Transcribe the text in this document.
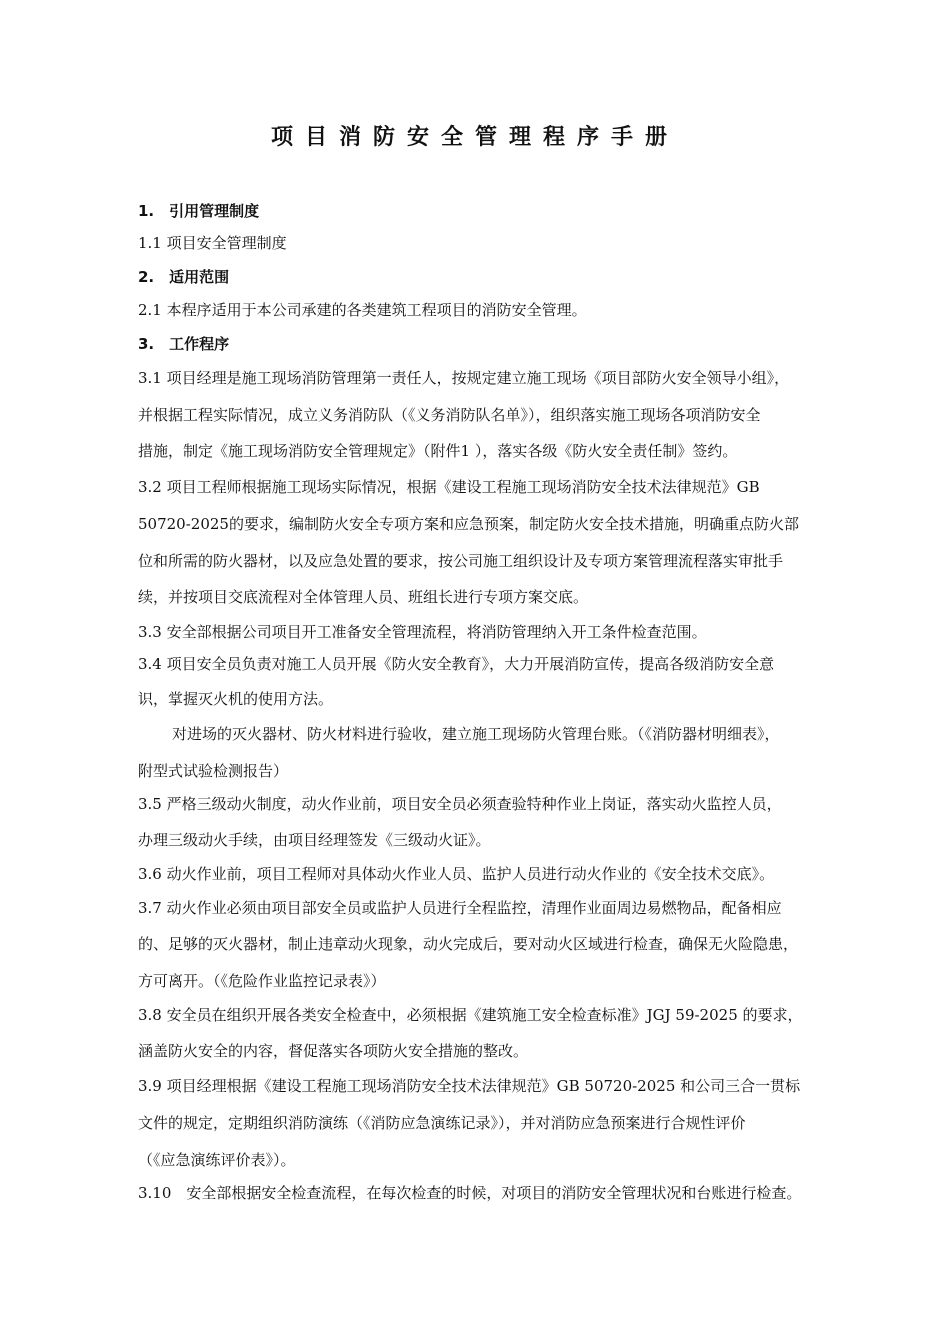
项目消防安全管理程序手册
1.　引用管理制度
1.1 项目安全管理制度
2.　适用范围
2.1 本程序适用于本公司承建的各类建筑工程项目的消防安全管理。
3.　工作程序
3.1 项目经理是施工现场消防管理第一责任人，按规定建立施工现场《项目部防火安全领导小组》，
并根据工程实际情况，成立义务消防队（《义务消防队名单》），组织落实施工现场各项消防安全
措施，制定《施工现场消防安全管理规定》（附件1 ），落实各级《防火安全责任制》签约。
3.2 项目工程师根据施工现场实际情况，根据《建设工程施工现场消防安全技术法律规范》GB
50720-2025的要求，编制防火安全专项方案和应急预案，制定防火安全技术措施，明确重点防火部
位和所需的防火器材，以及应急处置的要求，按公司施工组织设计及专项方案管理流程落实审批手
续，并按项目交底流程对全体管理人员、班组长进行专项方案交底。
3.3 安全部根据公司项目开工准备安全管理流程，将消防管理纳入开工条件检查范围。
3.4 项目安全员负责对施工人员开展《防火安全教育》，大力开展消防宣传，提高各级消防安全意
识，掌握灭火机的使用方法。
对进场的灭火器材、防火材料进行验收，建立施工现场防火管理台账。（《消防器材明细表》，
附型式试验检测报告）
3.5 严格三级动火制度，动火作业前，项目安全员必须查验特种作业上岗证，落实动火监控人员，
办理三级动火手续，由项目经理签发《三级动火证》。
3.6 动火作业前，项目工程师对具体动火作业人员、监护人员进行动火作业的《安全技术交底》。
3.7 动火作业必须由项目部安全员或监护人员进行全程监控，清理作业面周边易燃物品，配备相应
的、足够的灭火器材，制止违章动火现象，动火完成后，要对动火区域进行检查，确保无火险隐患，
方可离开。（《危险作业监控记录表》）
3.8 安全员在组织开展各类安全检查中，必须根据《建筑施工安全检查标准》JGJ 59-2025 的要求，
涵盖防火安全的内容，督促落实各项防火安全措施的整改。
3.9 项目经理根据《建设工程施工现场消防安全技术法律规范》GB 50720-2025 和公司三合一贯标
文件的规定，定期组织消防演练（《消防应急演练记录》），并对消防应急预案进行合规性评价
（《应急演练评价表》）。
3.10　安全部根据安全检查流程，在每次检查的时候，对项目的消防安全管理状况和台账进行检查。
